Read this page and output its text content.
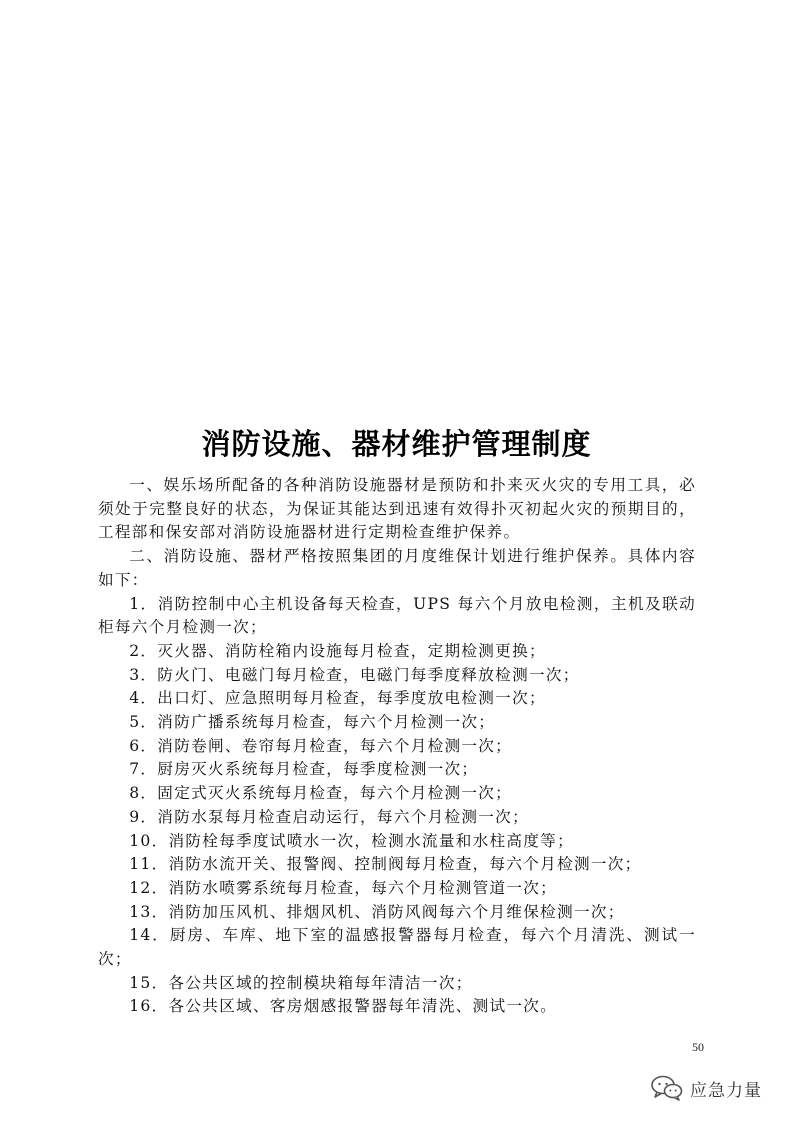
消防设施、器材维护管理制度

一、娱乐场所配备的各种消防设施器材是预防和扑来灭火灾的专用工具，必须处于完整良好的状态，为保证其能达到迅速有效得扑灭初起火灾的预期目的，工程部和保安部对消防设施器材进行定期检查维护保养。

二、消防设施、器材严格按照集团的月度维保计划进行维护保养。具体内容如下：

1．消防控制中心主机设备每天检查，UPS 每六个月放电检测，主机及联动柜每六个月检测一次；
2．灭火器、消防栓箱内设施每月检查，定期检测更换；
3．防火门、电磁门每月检查，电磁门每季度释放检测一次；
4．出口灯、应急照明每月检查，每季度放电检测一次；
5．消防广播系统每月检查，每六个月检测一次；
6．消防卷闸、卷帘每月检查，每六个月检测一次；
7．厨房灭火系统每月检查，每季度检测一次；
8．固定式灭火系统每月检查，每六个月检测一次；
9．消防水泵每月检查启动运行，每六个月检测一次；
10．消防栓每季度试喷水一次，检测水流量和水柱高度等；
11．消防水流开关、报警阀、控制阀每月检查，每六个月检测一次；
12．消防水喷雾系统每月检查，每六个月检测管道一次；
13．消防加压风机、排烟风机、消防风阀每六个月维保检测一次；
14．厨房、车库、地下室的温感报警器每月检查，每六个月清洗、测试一次；
15．各公共区域的控制模块箱每年清洁一次；
16．各公共区域、客房烟感报警器每年清洗、测试一次。
50
应急力量
